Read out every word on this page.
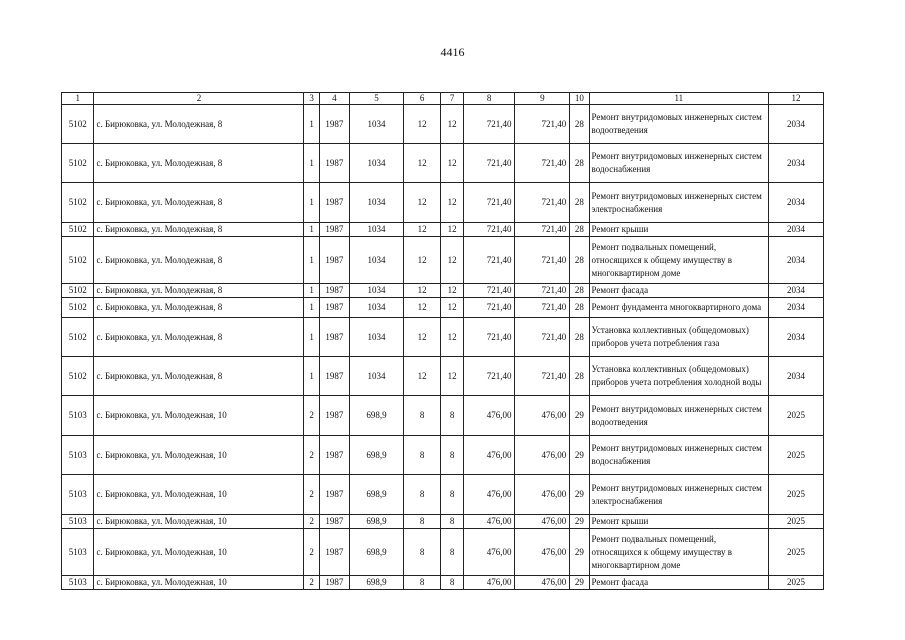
4416
1	2	3	4	5	6	7	8	9	10	11	12
5102	с. Бирюковка, ул. Молодежная, 8	1	1987	1034	12	12	721,40	721,40	28	Ремонт внутридомовых инженерных систем водоотведения	2034
5102	с. Бирюковка, ул. Молодежная, 8	1	1987	1034	12	12	721,40	721,40	28	Ремонт внутридомовых инженерных систем водоснабжения	2034
5102	с. Бирюковка, ул. Молодежная, 8	1	1987	1034	12	12	721,40	721,40	28	Ремонт внутридомовых инженерных систем электроснабжения	2034
5102	с. Бирюковка, ул. Молодежная, 8	1	1987	1034	12	12	721,40	721,40	28	Ремонт крыши	2034
5102	с. Бирюковка, ул. Молодежная, 8	1	1987	1034	12	12	721,40	721,40	28	Ремонт подвальных помещений, относящихся к общему имуществу в многоквартирном доме	2034
5102	с. Бирюковка, ул. Молодежная, 8	1	1987	1034	12	12	721,40	721,40	28	Ремонт фасада	2034
5102	с. Бирюковка, ул. Молодежная, 8	1	1987	1034	12	12	721,40	721,40	28	Ремонт фундамента многоквартирного дома	2034
5102	с. Бирюковка, ул. Молодежная, 8	1	1987	1034	12	12	721,40	721,40	28	Установка коллективных (общедомовых) приборов учета потребления газа	2034
5102	с. Бирюковка, ул. Молодежная, 8	1	1987	1034	12	12	721,40	721,40	28	Установка коллективных (общедомовых) приборов учета потребления холодной воды	2034
5103	с. Бирюковка, ул. Молодежная, 10	2	1987	698,9	8	8	476,00	476,00	29	Ремонт внутридомовых инженерных систем водоотведения	2025
5103	с. Бирюковка, ул. Молодежная, 10	2	1987	698,9	8	8	476,00	476,00	29	Ремонт внутридомовых инженерных систем водоснабжения	2025
5103	с. Бирюковка, ул. Молодежная, 10	2	1987	698,9	8	8	476,00	476,00	29	Ремонт внутридомовых инженерных систем электроснабжения	2025
5103	с. Бирюковка, ул. Молодежная, 10	2	1987	698,9	8	8	476,00	476,00	29	Ремонт крыши	2025
5103	с. Бирюковка, ул. Молодежная, 10	2	1987	698,9	8	8	476,00	476,00	29	Ремонт подвальных помещений, относящихся к общему имуществу в многоквартирном доме	2025
5103	с. Бирюковка, ул. Молодежная, 10	2	1987	698,9	8	8	476,00	476,00	29	Ремонт фасада	2025
